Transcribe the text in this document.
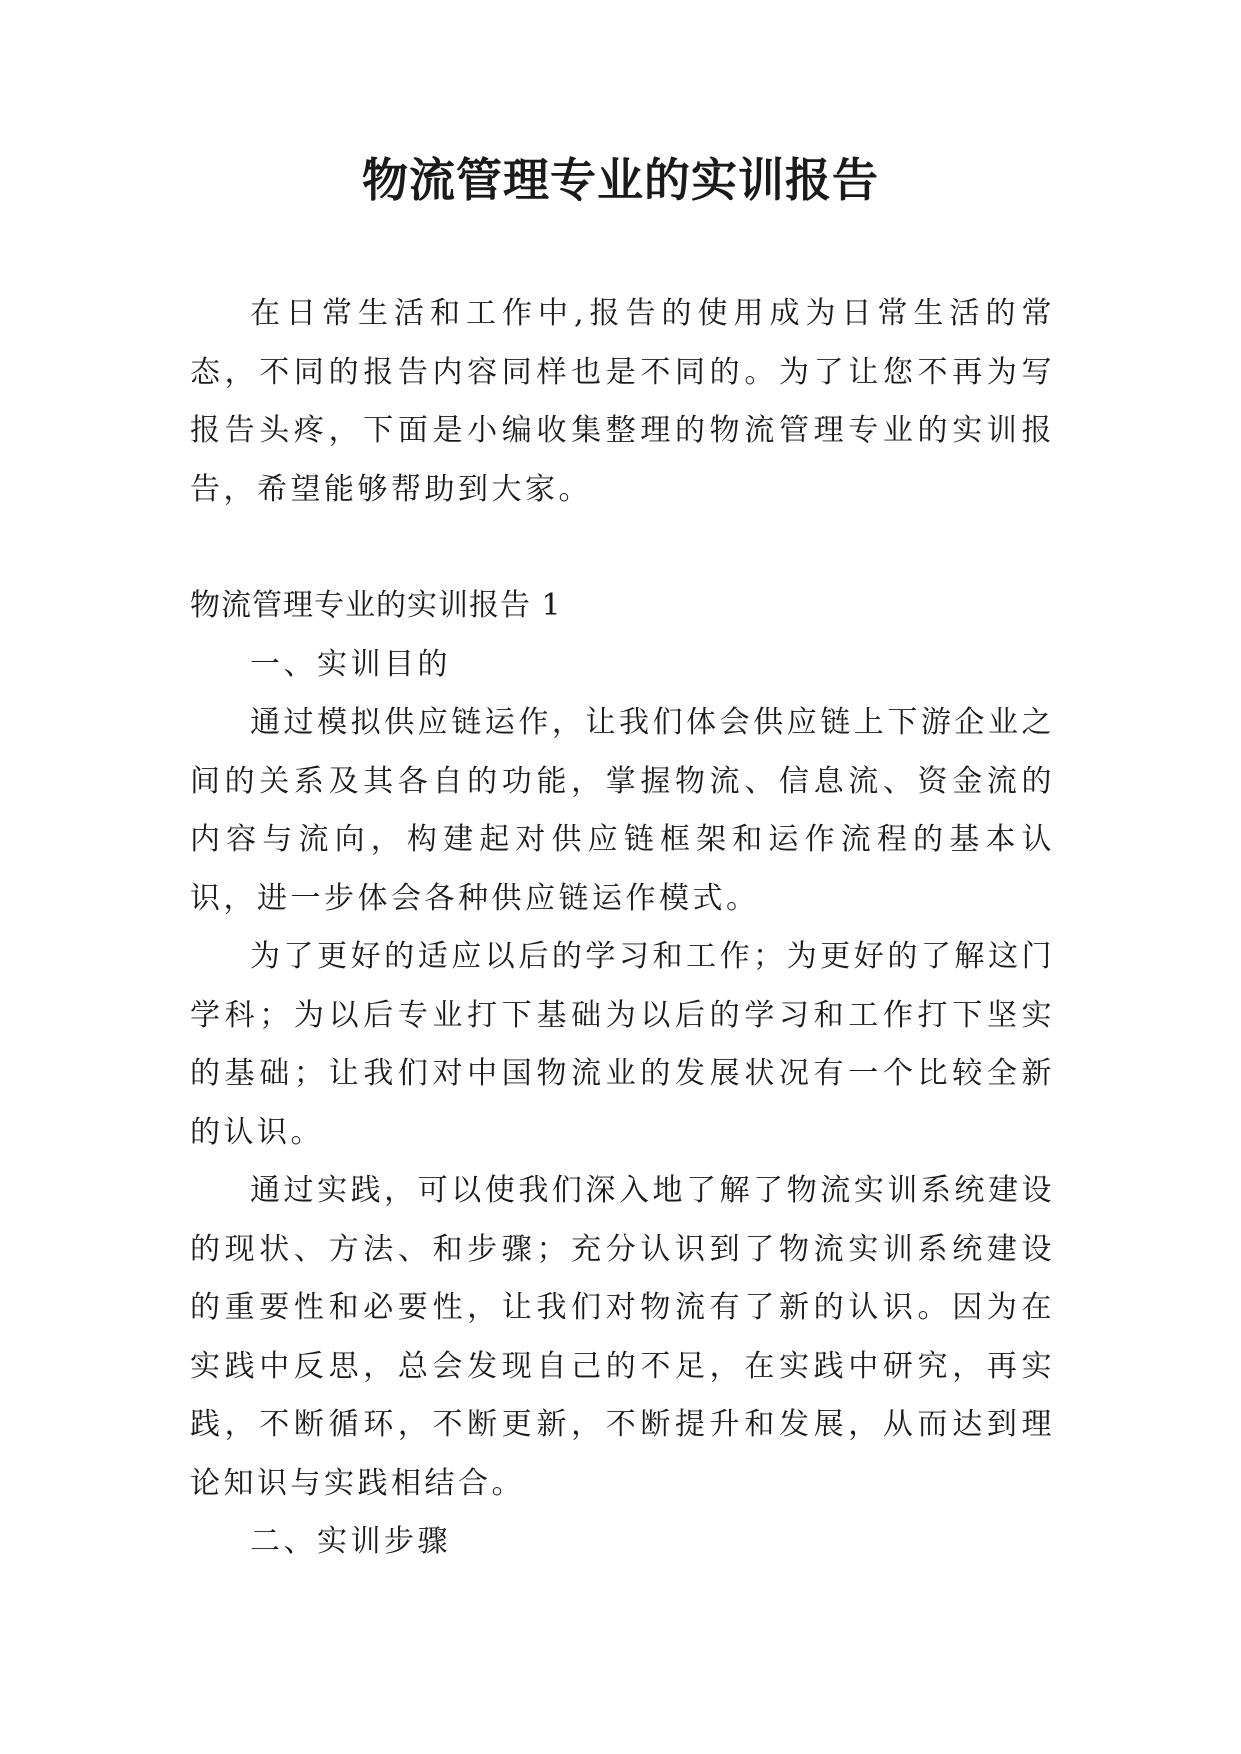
物流管理专业的实训报告

在日常生活和工作中,报告的使用成为日常生活的常态，不同的报告内容同样也是不同的。为了让您不再为写报告头疼，下面是小编收集整理的物流管理专业的实训报告，希望能够帮助到大家。

物流管理专业的实训报告 1

一、实训目的

通过模拟供应链运作，让我们体会供应链上下游企业之间的关系及其各自的功能，掌握物流、信息流、资金流的内容与流向，构建起对供应链框架和运作流程的基本认识，进一步体会各种供应链运作模式。

为了更好的适应以后的学习和工作；为更好的了解这门学科；为以后专业打下基础为以后的学习和工作打下坚实的基础；让我们对中国物流业的发展状况有一个比较全新的认识。

通过实践，可以使我们深入地了解了物流实训系统建设的现状、方法、和步骤；充分认识到了物流实训系统建设的重要性和必要性，让我们对物流有了新的认识。因为在实践中反思，总会发现自己的不足，在实践中研究，再实践，不断循环，不断更新，不断提升和发展，从而达到理论知识与实践相结合。

二、实训步骤
